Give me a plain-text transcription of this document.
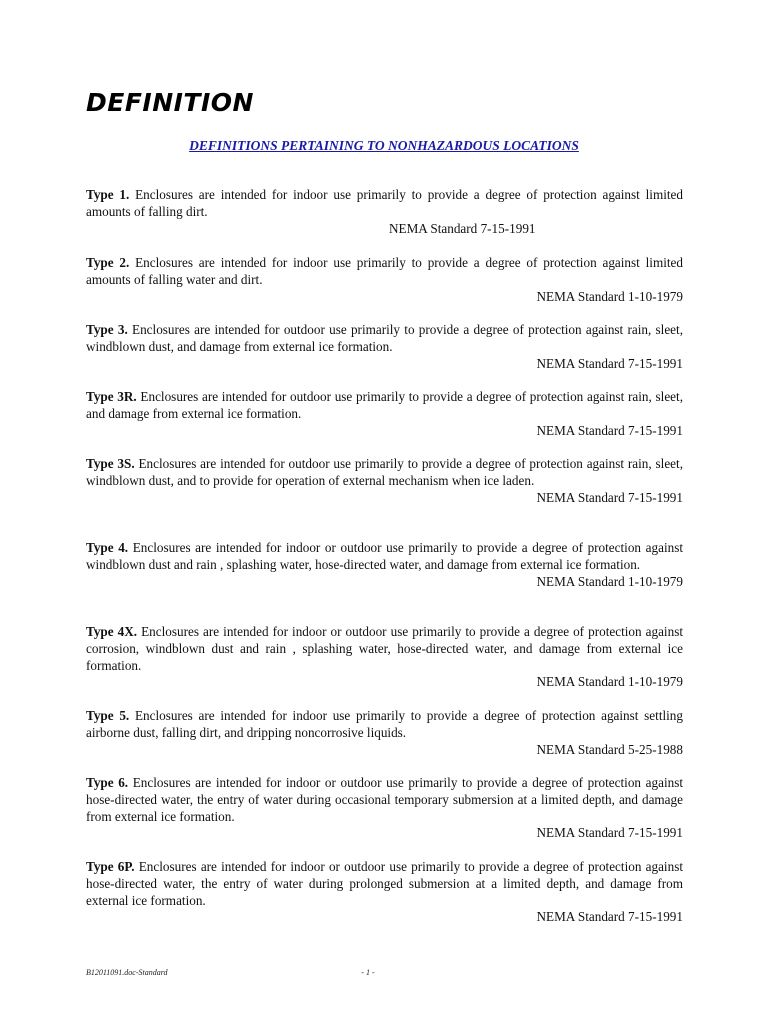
DEFINITION
DEFINITIONS PERTAINING TO NONHAZARDOUS LOCATIONS

Type 1. Enclosures are intended for indoor use primarily to provide a degree of protection against limited amounts of falling dirt.

NEMA Standard 7-15-1991

Type 2. Enclosures are intended for indoor use primarily to provide a degree of protection against limited amounts of falling water and dirt.

NEMA Standard 1-10-1979

Type 3. Enclosures are intended for outdoor use primarily to provide a degree of protection against rain, sleet, windblown dust, and damage from external ice formation.

NEMA Standard 7-15-1991

Type 3R. Enclosures are intended for outdoor use primarily to provide a degree of protection against rain, sleet, and damage from external ice formation.

NEMA Standard 7-15-1991

Type 3S. Enclosures are intended for outdoor use primarily to provide a degree of protection against rain, sleet, windblown dust, and to provide for operation of external mechanism when ice laden.

NEMA Standard 7-15-1991

Type 4. Enclosures are intended for indoor or outdoor use primarily to provide a degree of protection against windblown dust and rain , splashing water, hose-directed water, and damage from external ice formation.

NEMA Standard 1-10-1979

Type 4X. Enclosures are intended for indoor or outdoor use primarily to provide a degree of protection against corrosion, windblown dust and rain , splashing water, hose-directed water, and damage from external ice formation.

NEMA Standard 1-10-1979

Type 5. Enclosures are intended for indoor use primarily to provide a degree of protection against settling airborne dust, falling dirt, and dripping noncorrosive liquids.

NEMA Standard 5-25-1988

Type 6. Enclosures are intended for indoor or outdoor use primarily to provide a degree of protection against hose-directed water, the entry of water during occasional temporary submersion at a limited depth, and damage from external ice formation.

NEMA Standard 7-15-1991

Type 6P. Enclosures are intended for indoor or outdoor use primarily to provide a degree of protection against hose-directed water, the entry of water during prolonged submersion at a limited depth, and damage from external ice formation.

NEMA Standard 7-15-1991

B12011091.doc-Standard	- 1 -
